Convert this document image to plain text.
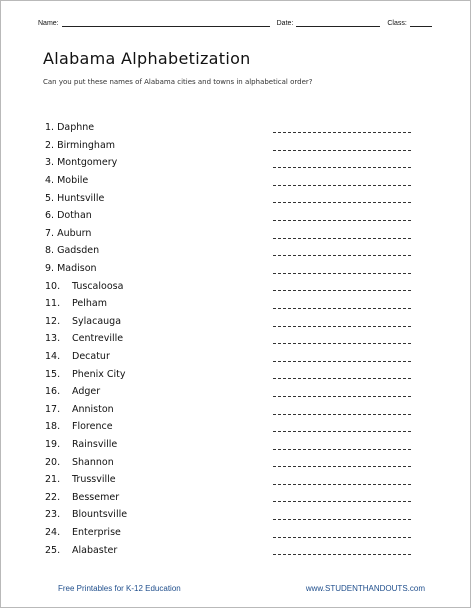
Name:	Date:	Class:
Alabama Alphabetization
Can you put these names of Alabama cities and towns in alphabetical order?
1. Daphne
2. Birmingham
3. Montgomery
4. Mobile
5. Huntsville
6. Dothan
7. Auburn
8. Gadsden
9. Madison
10.	Tuscaloosa
11.	Pelham
12.	Sylacauga
13.	Centreville
14.	Decatur
15.	Phenix City
16.	Adger
17.	Anniston
18.	Florence
19.	Rainsville
20.	Shannon
21.	Trussville
22.	Bessemer
23.	Blountsville
24.	Enterprise
25.	Alabaster
Free Printables for K-12 Education	www.STUDENTHANDOUTS.com
